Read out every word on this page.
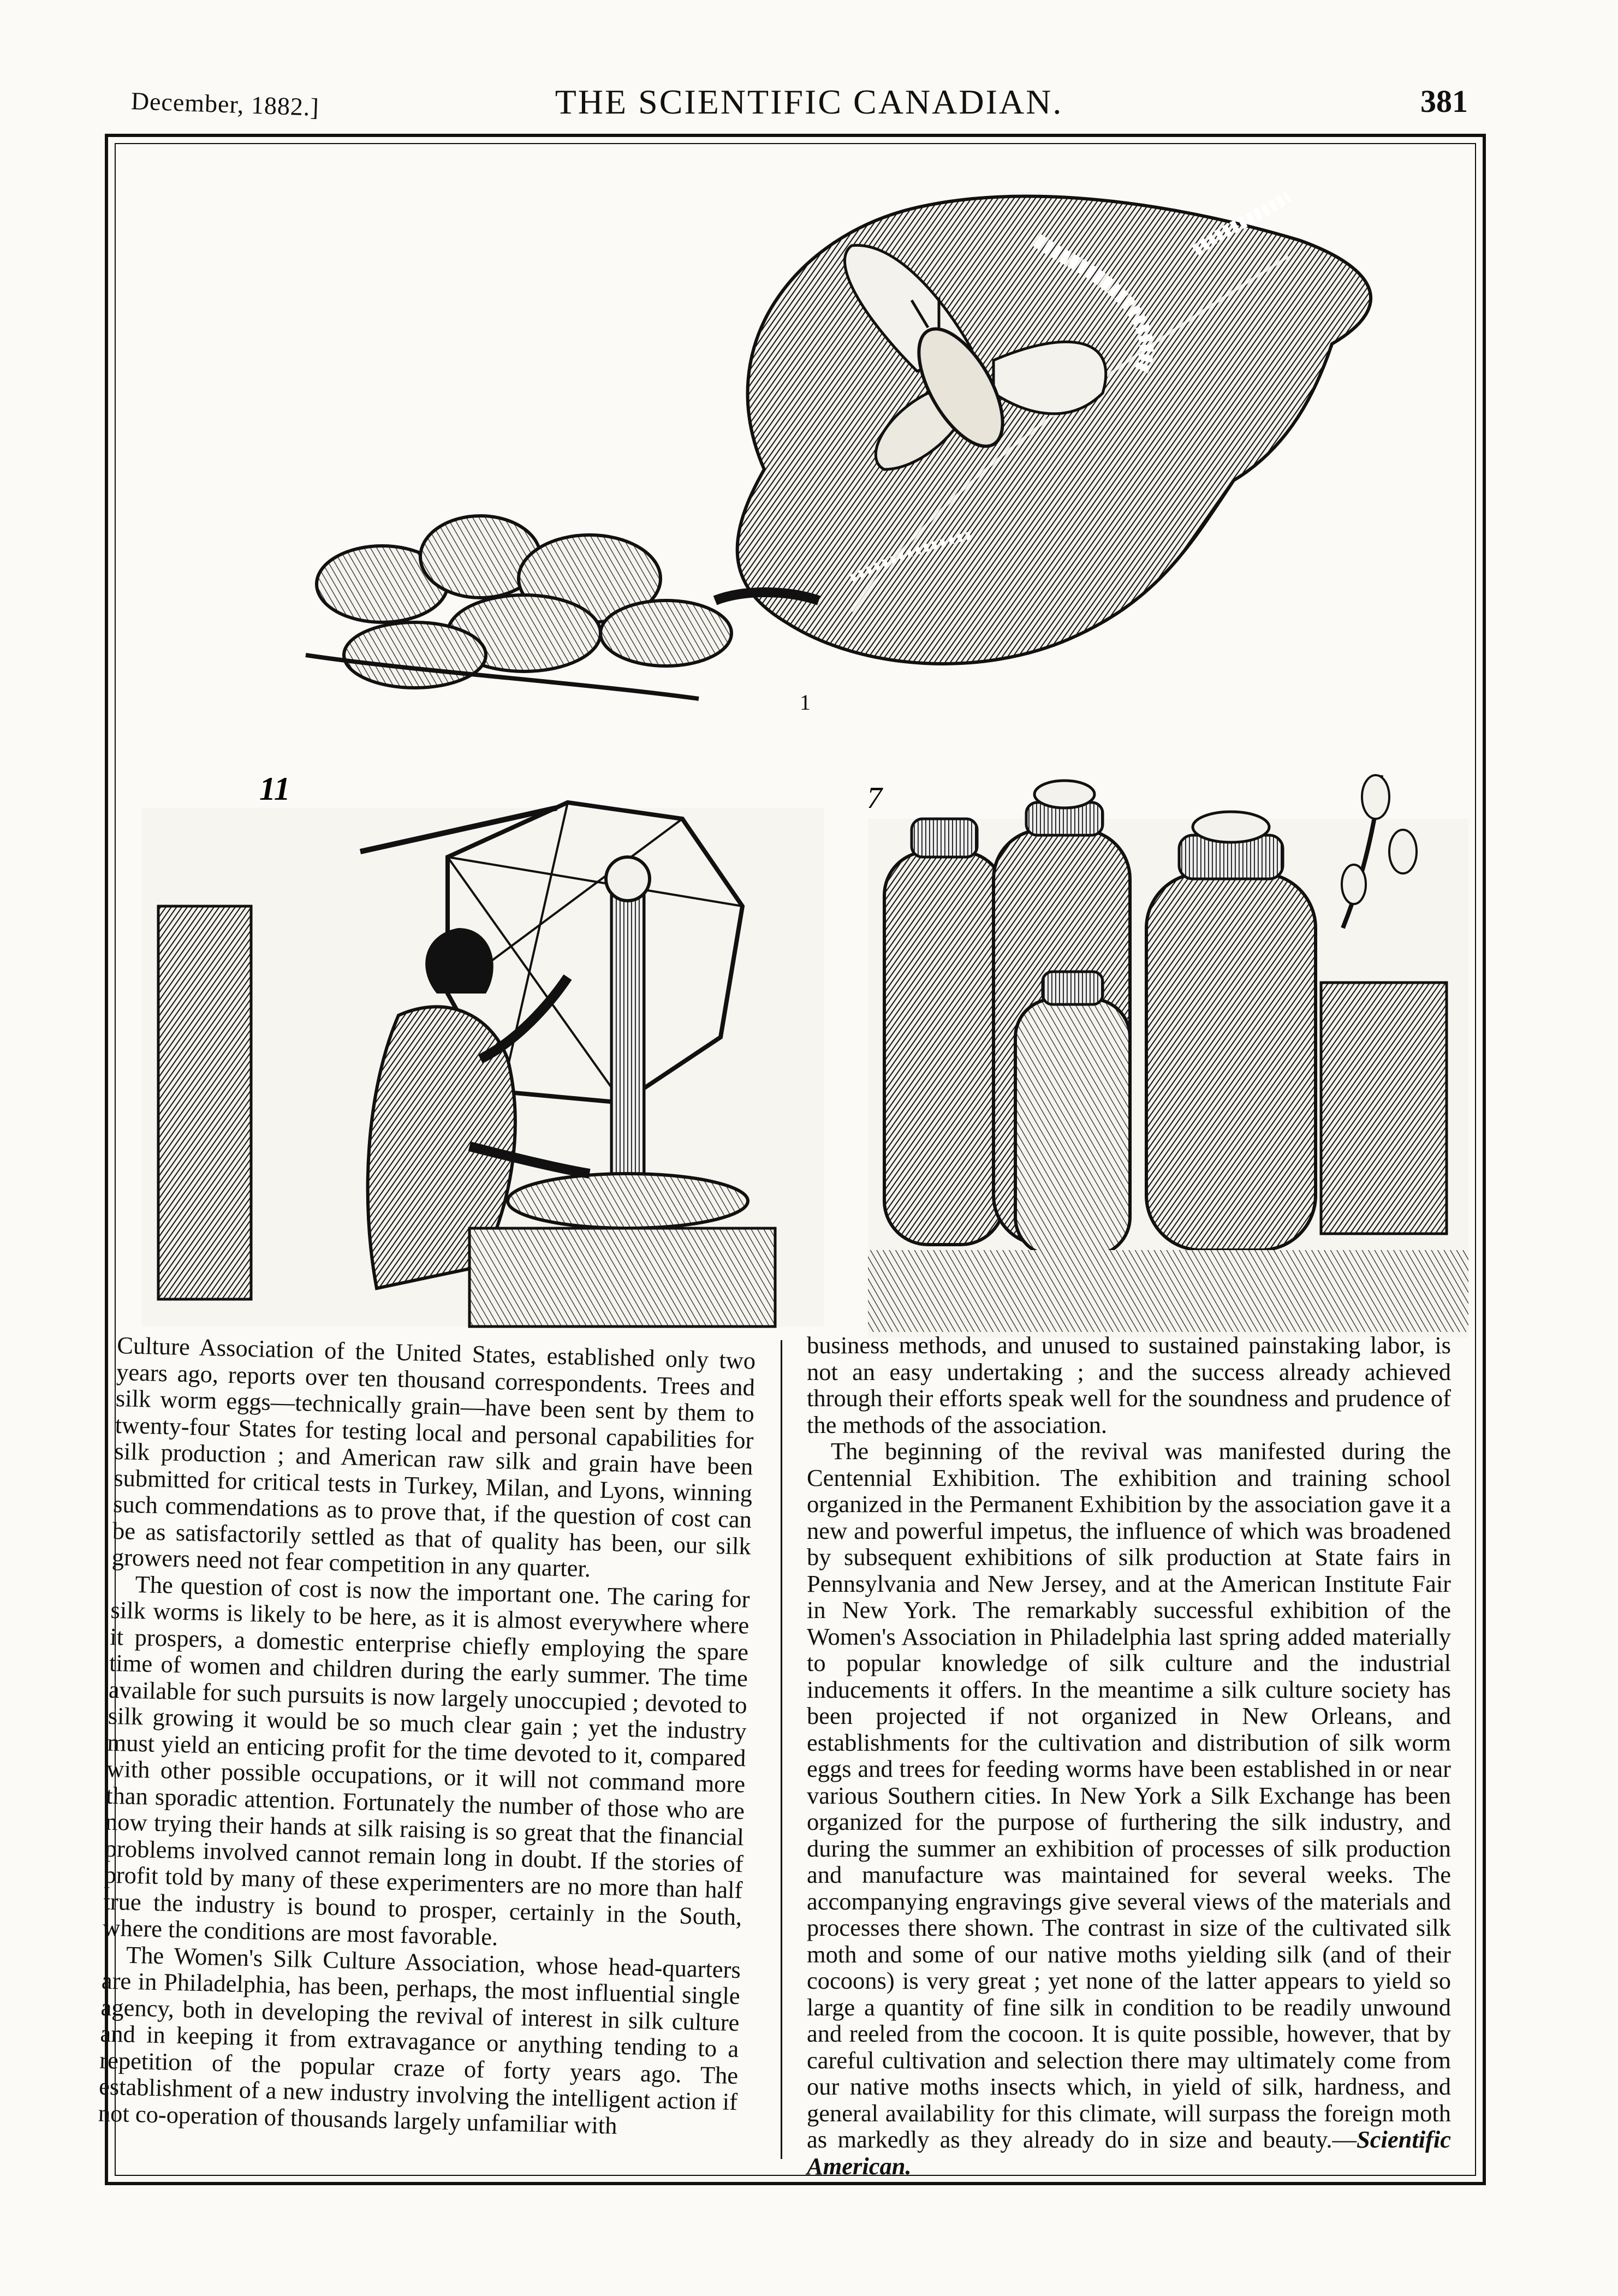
December, 1882.]	THE SCIENTIFIC CANADIAN.	381
1
11	7

Culture Association of the United States, established only two years ago, reports over ten thousand correspondents. Trees and silk worm eggs—technically grain—have been sent by them to twenty-four States for testing local and personal capabilities for silk production ; and American raw silk and grain have been submitted for critical tests in Turkey, Milan, and Lyons, winning such commendations as to prove that, if the question of cost can be as satisfactorily settled as that of quality has been, our silk growers need not fear competition in any quarter.

The question of cost is now the important one. The caring for silk worms is likely to be here, as it is almost everywhere where it prospers, a domestic enterprise chiefly employing the spare time of women and children during the early summer. The time available for such pursuits is now largely unoccupied ; devoted to silk growing it would be so much clear gain ; yet the industry must yield an enticing profit for the time devoted to it, compared with other possible occupations, or it will not command more than sporadic attention. Fortunately the number of those who are now trying their hands at silk raising is so great that the financial problems involved cannot remain long in doubt. If the stories of profit told by many of these experimenters are no more than half true the industry is bound to prosper, certainly in the South, where the conditions are most favorable.

The Women's Silk Culture Association, whose head-quarters are in Philadelphia, has been, perhaps, the most influential single agency, both in developing the revival of interest in silk culture and in keeping it from extravagance or anything tending to a repetition of the popular craze of forty years ago. The establishment of a new industry involving the intelligent action if not co-operation of thousands largely unfamiliar with

business methods, and unused to sustained painstaking labor, is not an easy undertaking ; and the success already achieved through their efforts speak well for the soundness and prudence of the methods of the association.

The beginning of the revival was manifested during the Centennial Exhibition. The exhibition and training school organized in the Permanent Exhibition by the association gave it a new and powerful impetus, the influence of which was broadened by subsequent exhibitions of silk production at State fairs in Pennsylvania and New Jersey, and at the American Institute Fair in New York. The remarkably successful exhibition of the Women's Association in Philadelphia last spring added materially to popular knowledge of silk culture and the industrial inducements it offers. In the meantime a silk culture society has been projected if not organized in New Orleans, and establishments for the cultivation and distribution of silk worm eggs and trees for feeding worms have been established in or near various Southern cities. In New York a Silk Exchange has been organized for the purpose of furthering the silk industry, and during the summer an exhibition of processes of silk production and manufacture was maintained for several weeks. The accompanying engravings give several views of the materials and processes there shown. The contrast in size of the cultivated silk moth and some of our native moths yielding silk (and of their cocoons) is very great ; yet none of the latter appears to yield so large a quantity of fine silk in condition to be readily unwound and reeled from the cocoon. It is quite possible, however, that by careful cultivation and selection there may ultimately come from our native moths insects which, in yield of silk, hardness, and general availability for this climate, will surpass the foreign moth as markedly as they already do in size and beauty.—Scientific American.
